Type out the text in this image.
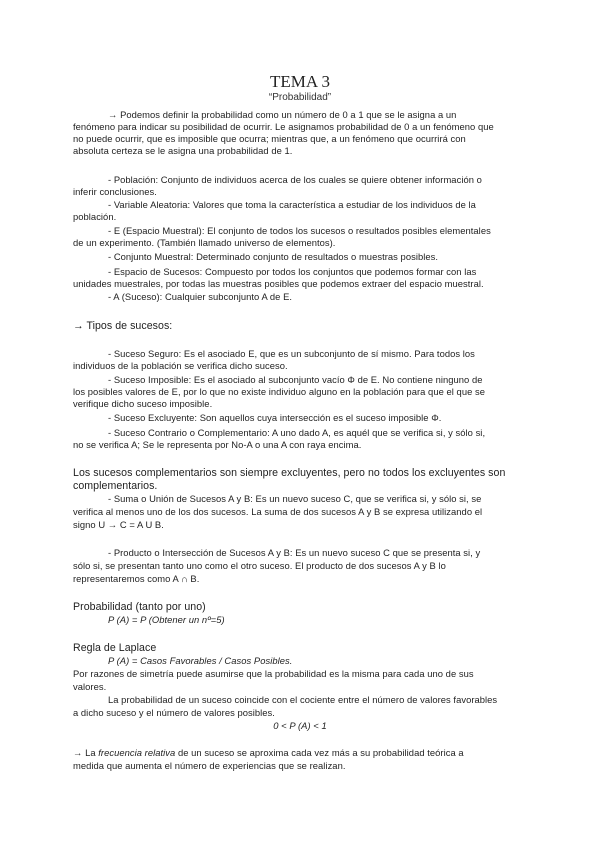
TEMA 3
“Probabilidad”
→ Podemos definir la probabilidad como un número de 0 a 1 que se le asigna a un
fenómeno para indicar su posibilidad de ocurrir. Le asignamos probabilidad de 0 a un fenómeno que
no puede ocurrir, que es imposible que ocurra; mientras que, a un fenómeno que ocurrirá con
absoluta certeza se le asigna una probabilidad de 1.
- Población: Conjunto de individuos acerca de los cuales se quiere obtener información o
inferir conclusiones.
- Variable Aleatoria: Valores que toma la característica a estudiar de los individuos de la
población.
- E (Espacio Muestral): El conjunto de todos los sucesos o resultados posibles elementales
de un experimento. (También llamado universo de elementos).
- Conjunto Muestral: Determinado conjunto de resultados o muestras posibles.
- Espacio de Sucesos: Compuesto por todos los conjuntos que podemos formar con las
unidades muestrales, por todas las muestras posibles que podemos extraer del espacio muestral.
- A (Suceso): Cualquier subconjunto A de E.
→ Tipos de sucesos:
- Suceso Seguro: Es el asociado E, que es un subconjunto de sí mismo. Para todos los
individuos de la población se verifica dicho suceso.
- Suceso Imposible: Es el asociado al subconjunto vacío Φ de E. No contiene ninguno de
los posibles valores de E, por lo que no existe individuo alguno en la población para que el que se
verifique dicho suceso imposible.
- Suceso Excluyente: Son aquellos cuya intersección es el suceso imposible Φ.
- Suceso Contrario o Complementario: A uno dado A, es aquél que se verifica si, y sólo si,
no se verifica A; Se le representa por No-A o una A con raya encima.
Los sucesos complementarios son siempre excluyentes, pero no todos los excluyentes son
complementarios.
- Suma o Unión de Sucesos A y B: Es un nuevo suceso C, que se verifica si, y sólo si, se
verifica al menos uno de los dos sucesos. La suma de dos sucesos A y B se expresa utilizando el
signo U → C = A U B.
- Producto o Intersección de Sucesos A y B: Es un nuevo suceso C que se presenta si, y
sólo si, se presentan tanto uno como el otro suceso. El producto de dos sucesos A y B lo
representaremos como A ∩ B.
Probabilidad (tanto por uno)
P (A) = P (Obtener un nº=5)
Regla de Laplace
P (A) = Casos Favorables / Casos Posibles.
Por razones de simetría puede asumirse que la probabilidad es la misma para cada uno de sus
valores.
La probabilidad de un suceso coincide con el cociente entre el número de valores favorables
a dicho suceso y el número de valores posibles.
0 < P (A) < 1
→ La frecuencia relativa de un suceso se aproxima cada vez más a su probabilidad teórica a
medida que aumenta el número de experiencias que se realizan.
